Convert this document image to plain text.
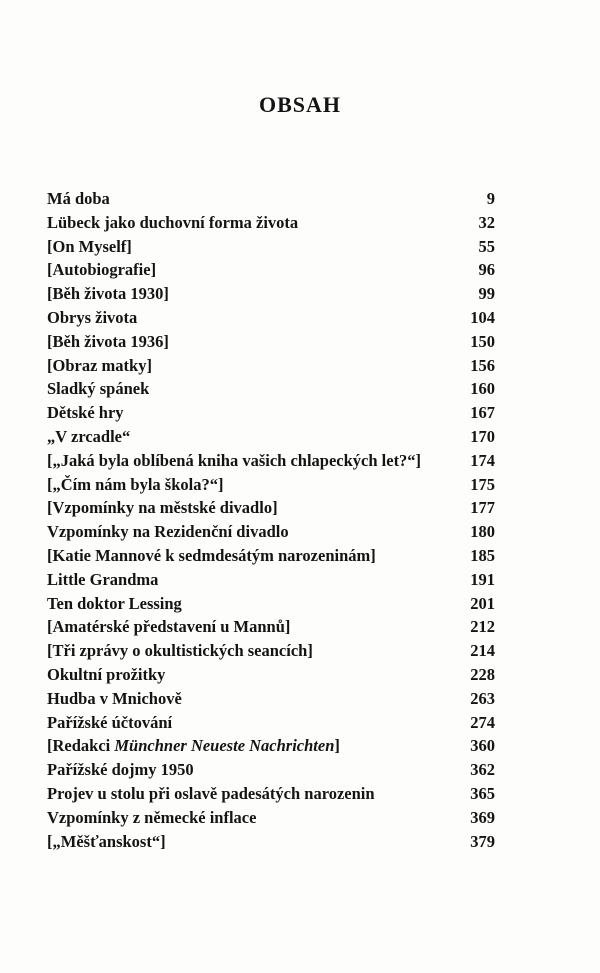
OBSAH
Má doba	9
Lübeck jako duchovní forma života	32
[On Myself]	55
[Autobiografie]	96
[Běh života 1930]	99
Obrys života	104
[Běh života 1936]	150
[Obraz matky]	156
Sladký spánek	160
Dětské hry	167
„V zrcadle“	170
[„Jaká byla oblíbená kniha vašich chlapeckých let?“]	174
[„Čím nám byla škola?“]	175
[Vzpomínky na městské divadlo]	177
Vzpomínky na Rezidenční divadlo	180
[Katie Mannové k sedmdesátým narozeninám]	185
Little Grandma	191
Ten doktor Lessing	201
[Amatérské představení u Mannů]	212
[Tři zprávy o okultistických seancích]	214
Okultní prožitky	228
Hudba v Mnichově	263
Pařížské účtování	274
[Redakci Münchner Neueste Nachrichten]	360
Pařížské dojmy 1950	362
Projev u stolu při oslavě padesátých narozenin	365
Vzpomínky z německé inflace	369
[„Měšťanskost“]	379
